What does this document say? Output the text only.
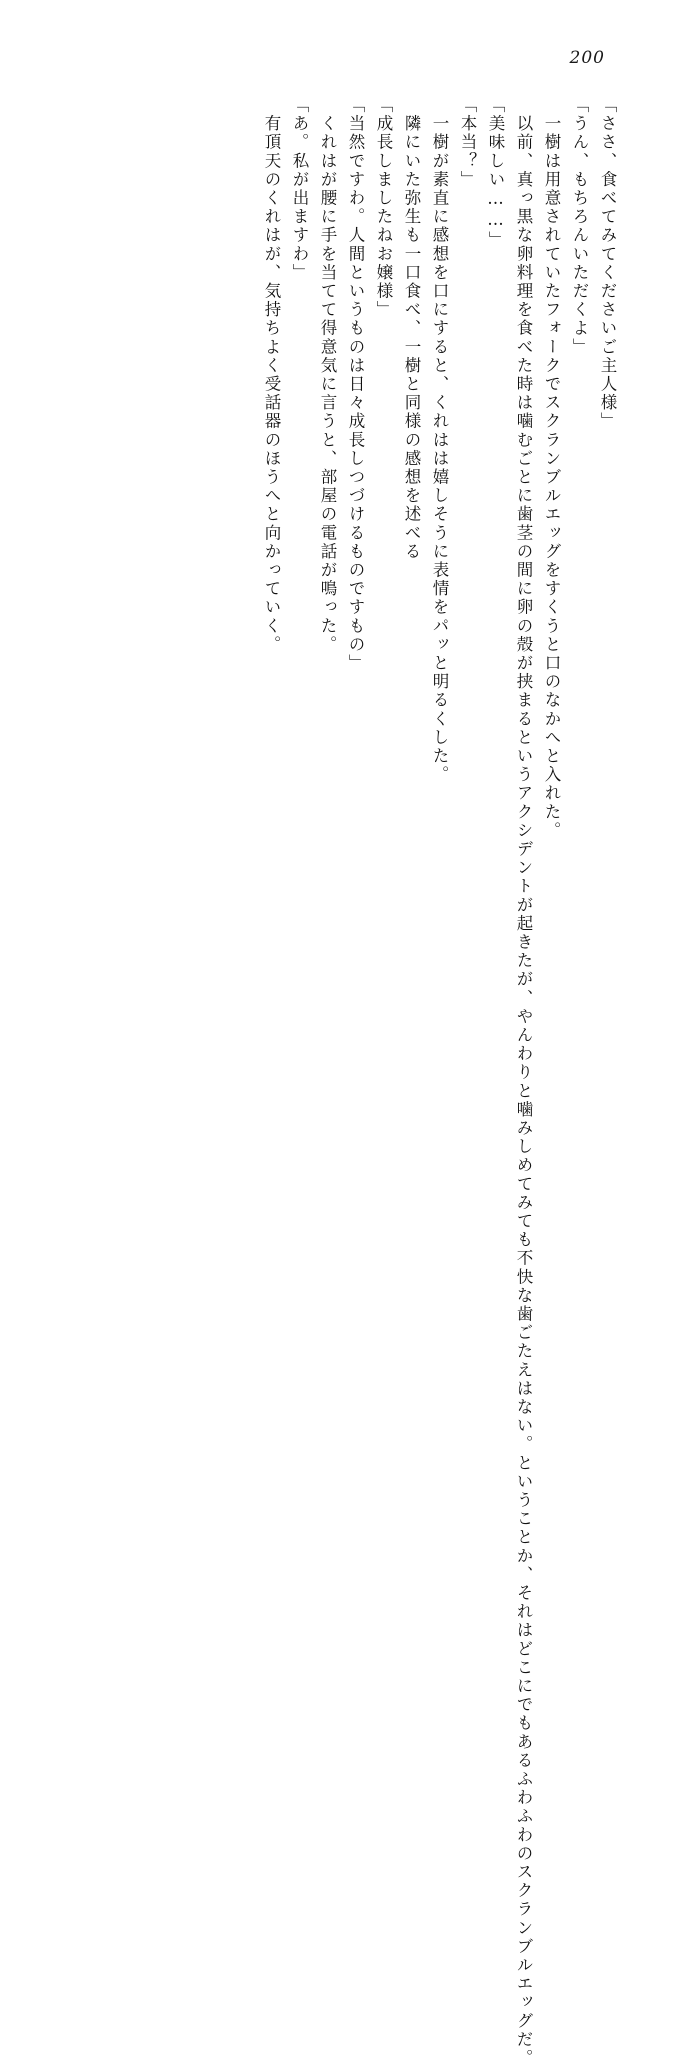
200
「ささ、食べてみてくださいご主人様」
「うん、もちろんいただくよ」
　一樹は用意されていたフォークでスクランブルエッグをすくうと口のなかへと入れた。
　以前、真っ黒な卵料理を食べた時は噛むごとに歯茎の間に卵の殻が挟まるというアクシデントが起きたが、やんわりと噛みしめてみても不快な歯ごたえはない。ということか、それはどこにでもあるふわふわのスクランブルエッグだ。
「美味しい……」
「本当？」
　一樹が素直に感想を口にすると、くれはは嬉しそうに表情をパッと明るくした。
　隣にいた弥生も一口食べ、一樹と同様の感想を述べる
「成長しましたねお嬢様」
「当然ですわ。人間というものは日々成長しつづけるものですもの」
　くれはが腰に手を当てて得意気に言うと、部屋の電話が鳴った。
「あ。私が出ますわ」
　有頂天のくれはが、気持ちよく受話器のほうへと向かっていく。
